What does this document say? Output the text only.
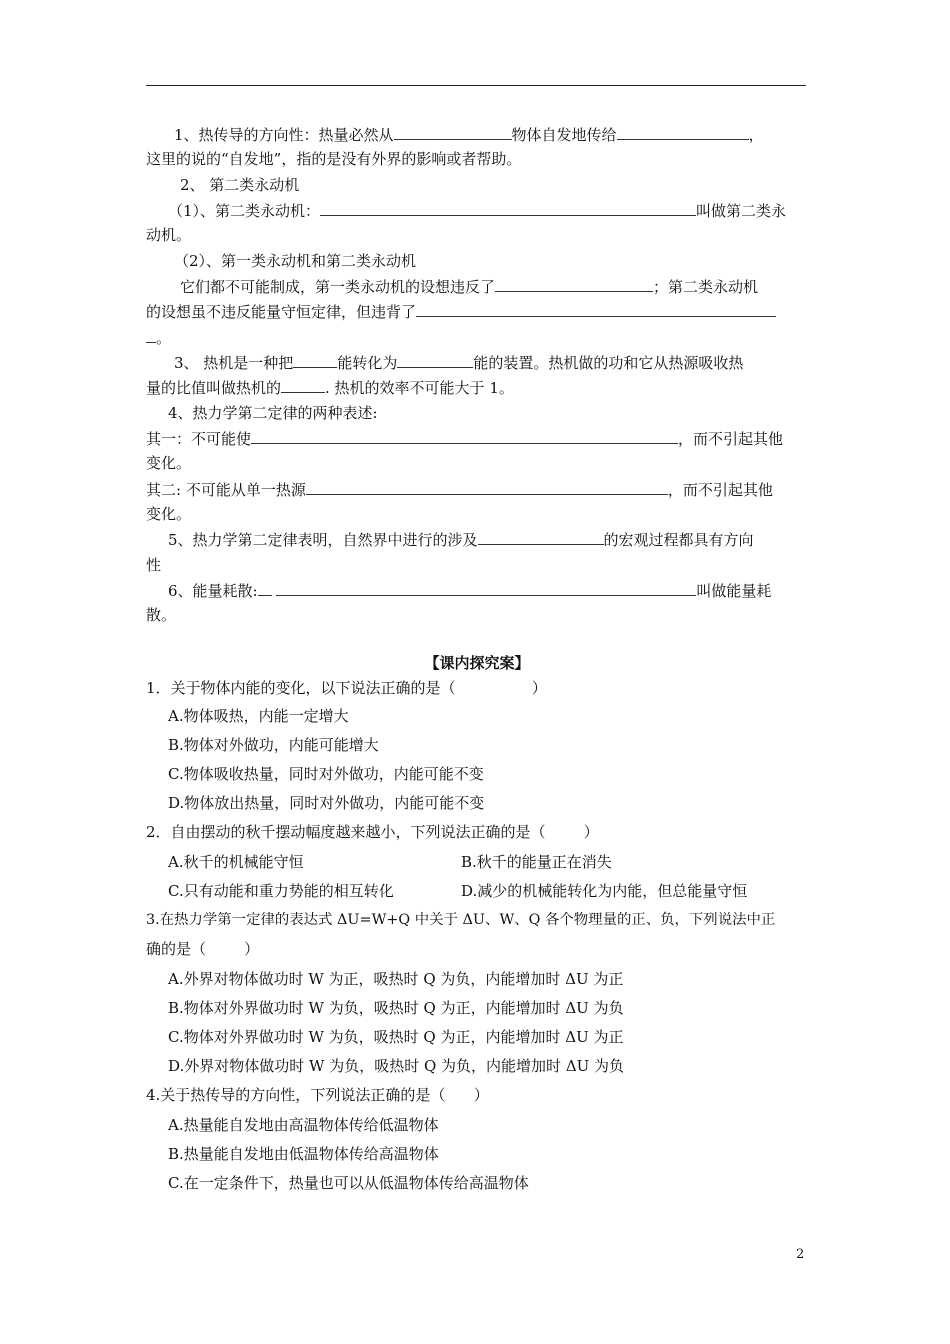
1、热传导的方向性：热量必然从	物体自发地传给	，
这里的说的“自发地”，指的是没有外界的影响或者帮助。
2、 第二类永动机
（1）、第二类永动机：	叫做第二类永
动机。
（2）、第一类永动机和第二类永动机
它们都不可能制成，第一类永动机的设想违反了	；第二类永动机
的设想虽不违反能量守恒定律，但违背了
。
3、 热机是一种把	能转化为	能的装置。热机做的功和它从热源吸收热
量的比值叫做热机的	. 热机的效率不可能大于 1。
4、热力学第二定律的两种表述:
其一：不可能使	，而不引起其他
变化。
其二: 不可能从单一热源	，而不引起其他
变化。
5、热力学第二定律表明，自然界中进行的涉及	的宏观过程都具有方向
性
6、能量耗散:	叫做能量耗
散。
【课内探究案】
1．关于物体内能的变化，以下说法正确的是（                ）
A.物体吸热，内能一定增大
B.物体对外做功，内能可能增大
C.物体吸收热量，同时对外做功，内能可能不变
D.物体放出热量，同时对外做功，内能可能不变
2．自由摆动的秋千摆动幅度越来越小，下列说法正确的是（        ）
A.秋千的机械能守恒	B.秋千的能量正在消失
C.只有动能和重力势能的相互转化	D.减少的机械能转化为内能，但总能量守恒
3.在热力学第一定律的表达式 ΔU=W+Q 中关于 ΔU、W、Q 各个物理量的正、负，下列说法中正
确的是（        ）
A.外界对物体做功时 W 为正，吸热时 Q 为负，内能增加时 ΔU 为正
B.物体对外界做功时 W 为负，吸热时 Q 为正，内能增加时 ΔU 为负
C.物体对外界做功时 W 为负，吸热时 Q 为正，内能增加时 ΔU 为正
D.外界对物体做功时 W 为负，吸热时 Q 为负，内能增加时 ΔU 为负
4.关于热传导的方向性，下列说法正确的是（      ）
A.热量能自发地由高温物体传给低温物体
B.热量能自发地由低温物体传给高温物体
C.在一定条件下，热量也可以从低温物体传给高温物体
2
